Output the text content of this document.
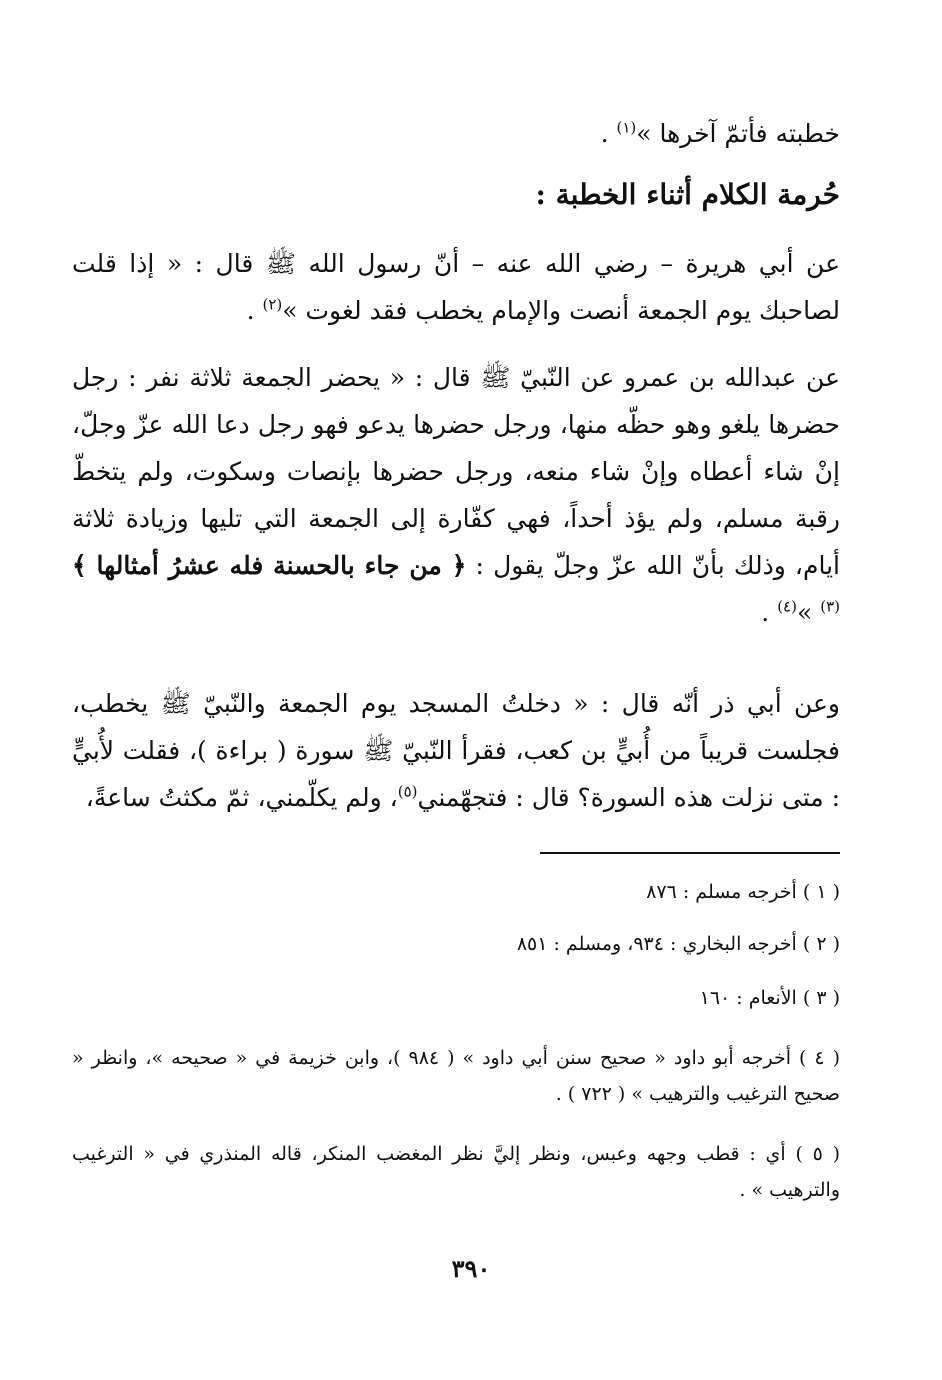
خطبته فأتمّ آخرها »$^{(١)}$ .
حُرمة الكلام أثناء الخطبة :
عن أبي هريرة – رضي الله عنه – أنّ رسول الله ﷺ قال : « إذا قلت لصاحبك يوم الجمعة أنصت والإمام يخطب فقد لغوت »$^{(٢)}$ .
عن عبدالله بن عمرو عن النّبيّ ﷺ قال : « يحضر الجمعة ثلاثة نفر : رجل حضرها يلغو وهو حظّه منها، ورجل حضرها يدعو فهو رجل دعا الله عزّ وجلّ، إنْ شاء أعطاه وإنْ شاء منعه، ورجل حضرها بإنصات وسكوت، ولم يتخطّ رقبة مسلم، ولم يؤذ أحداً، فهي كفّارة إلى الجمعة التي تليها وزيادة ثلاثة أيام، وذلك بأنّ الله عزّ وجلّ يقول : ﴿ من جاء بالحسنة فله عشرُ أمثالها ﴾$^{(٣)}$ »$^{(٤)}$ .
وعن أبي ذر أنّه قال : « دخلتُ المسجد يوم الجمعة والنّبيّ ﷺ يخطب، فجلست قريباً من أُبيٍّ بن كعب، فقرأ النّبيّ ﷺ سورة ( براءة )، فقلت لأُبيٍّ : متى نزلت هذه السورة؟ قال : فتجهّمني$^{(٥)}$، ولم يكلّمني، ثمّ مكثتُ ساعةً،
( ١ ) أخرجه مسلم : ٨٧٦
( ٢ ) أخرجه البخاري : ٩٣٤، ومسلم : ٨٥١
( ٣ ) الأنعام : ١٦٠
( ٤ ) أخرجه أبو داود « صحيح سنن أبي داود » ( ٩٨٤ )، وابن خزيمة في « صحيحه »، وانظر « صحيح الترغيب والترهيب » ( ٧٢٢ ) .
( ٥ ) أي : قطب وجهه وعبس، ونظر إليَّ نظر المغضب المنكر، قاله المنذري في « الترغيب والترهيب » .
٣٩٠
